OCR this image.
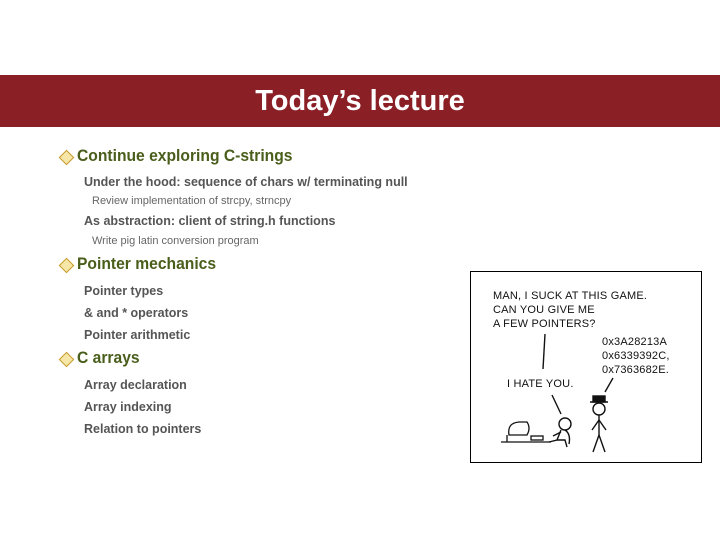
Today’s lecture
Continue exploring C-strings
Under the hood: sequence of chars w/ terminating null
Review implementation of strcpy, strncpy
As abstraction: client of string.h functions
Write pig latin conversion program
Pointer mechanics
Pointer types
& and * operators
Pointer arithmetic
C arrays
Array declaration
Array indexing
Relation to pointers
MAN, I SUCK AT THIS GAME.
CAN YOU GIVE ME
A FEW POINTERS?
0x3A28213A
0x6339392C,
0x7363682E.
I HATE YOU.
